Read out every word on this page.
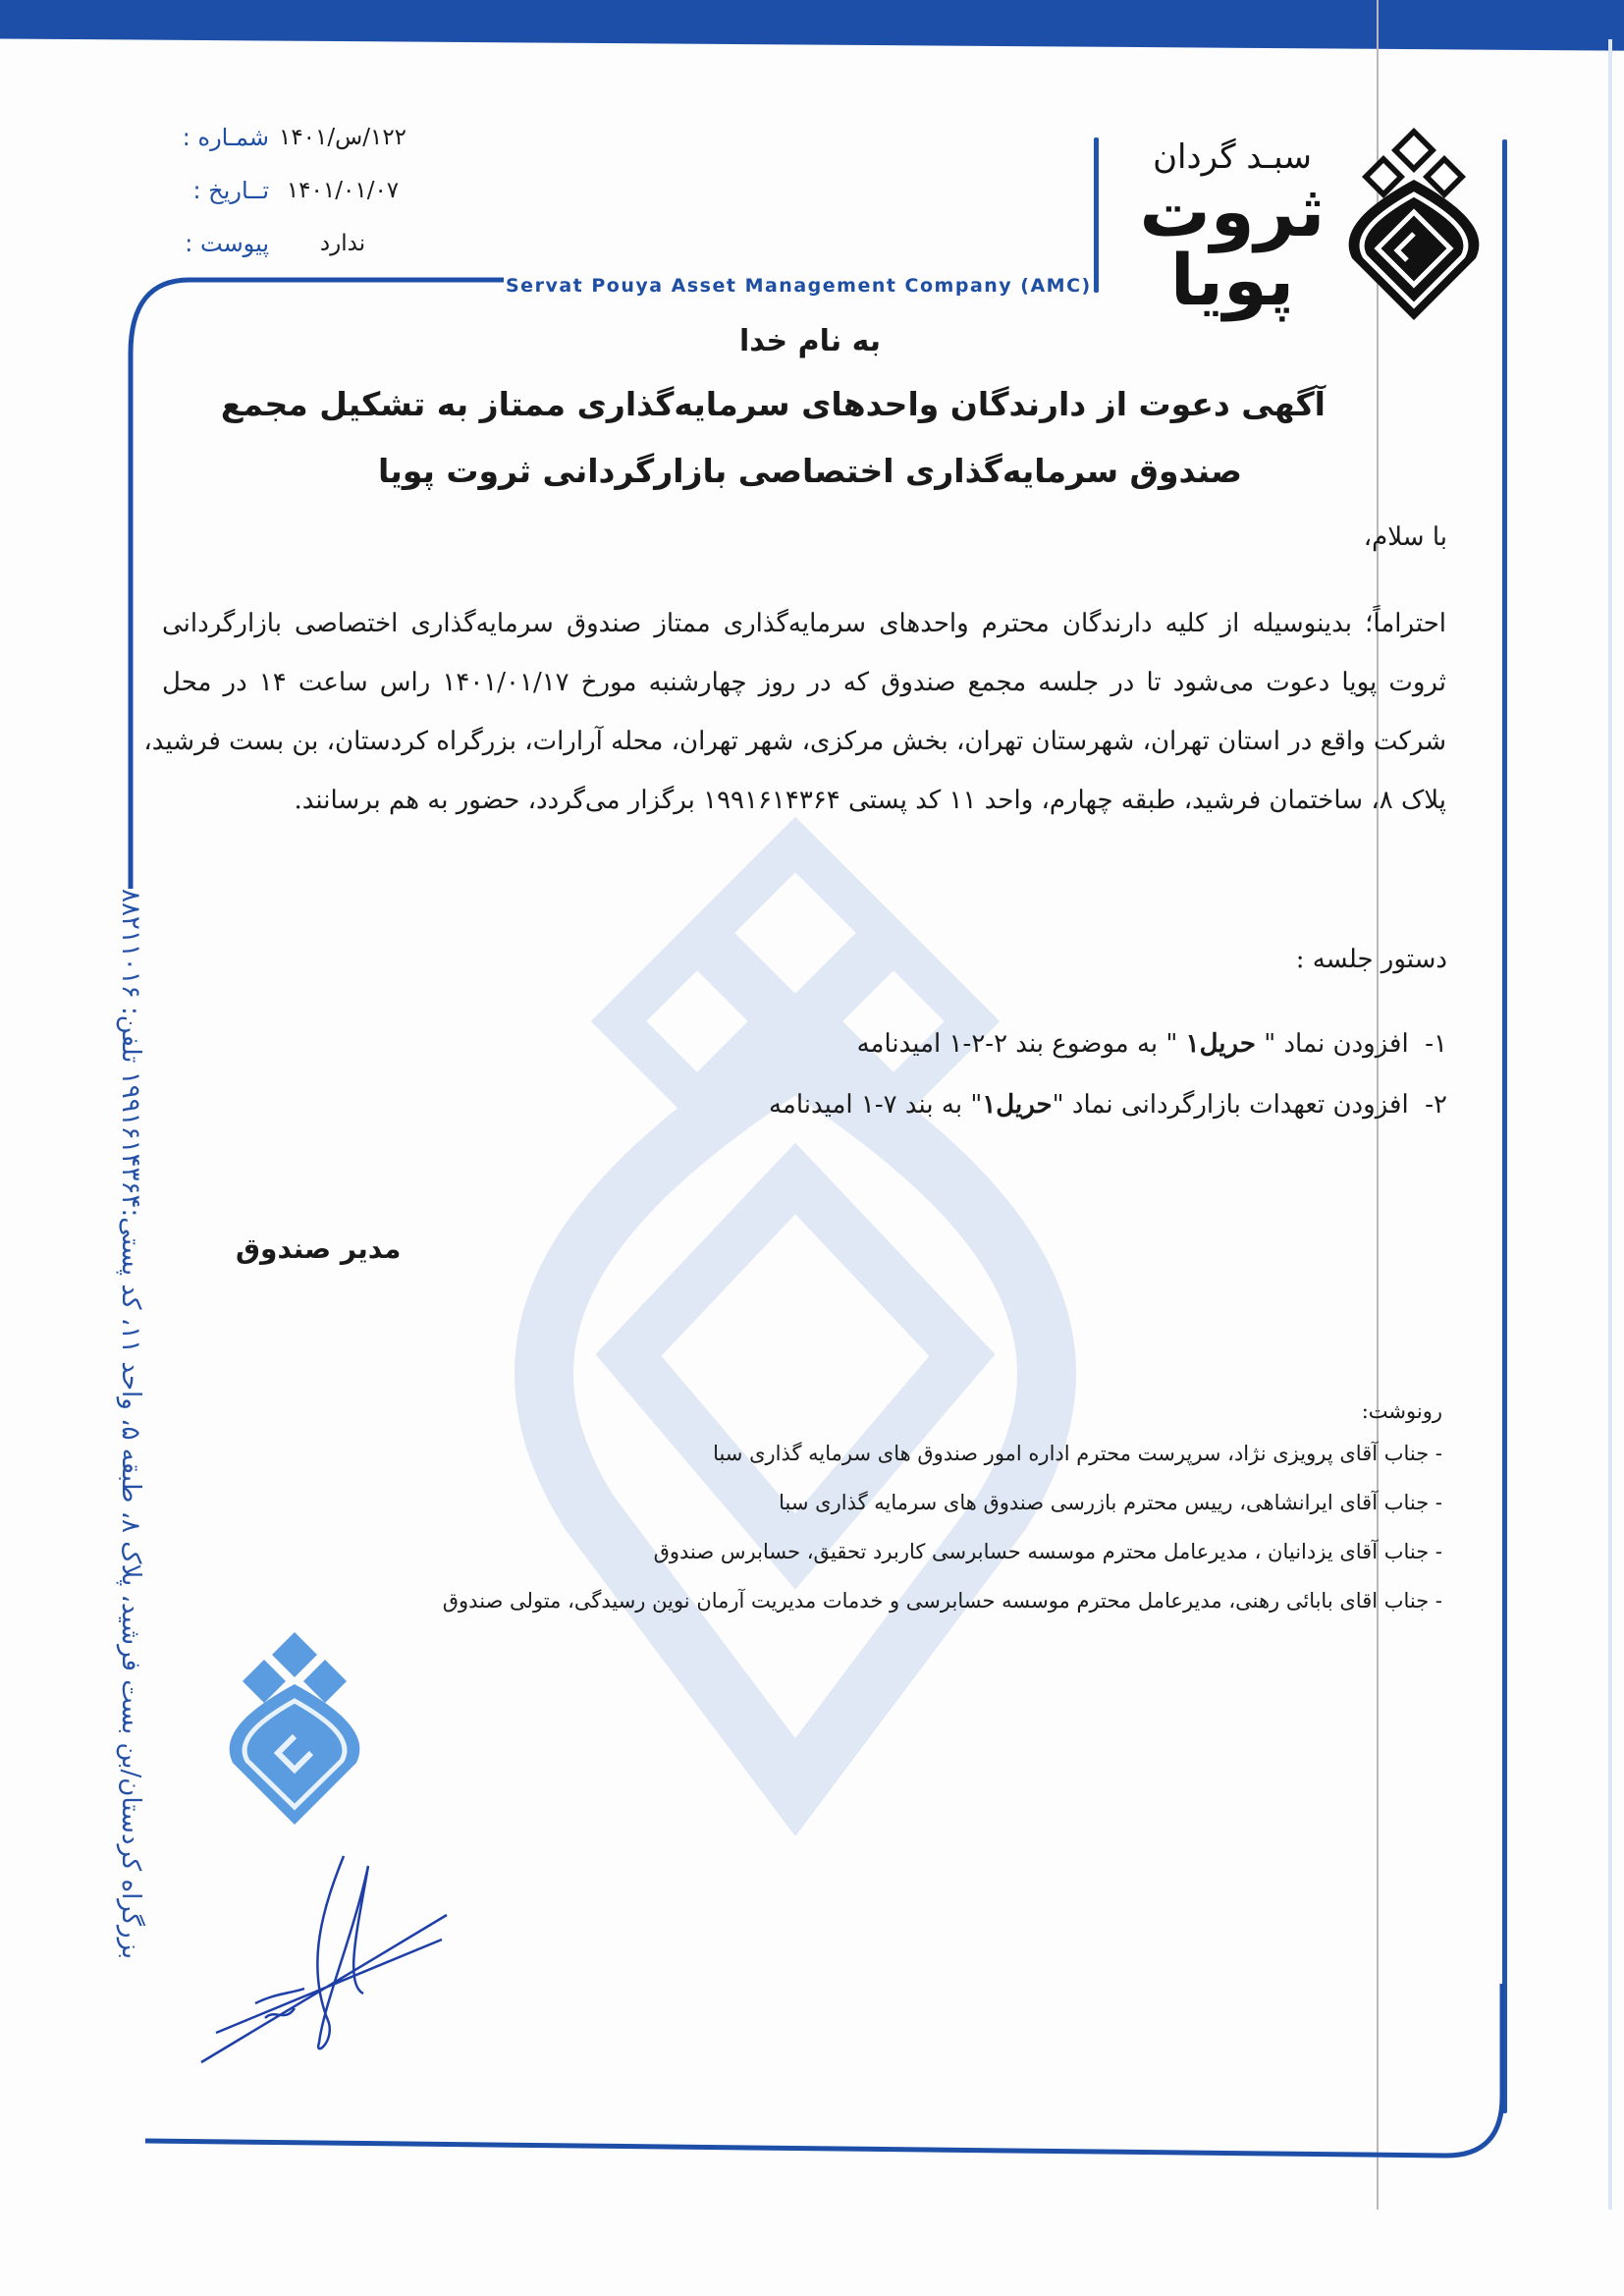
شمـاره : ۱۲۲/س/۱۴۰۱
تــاریخ : ۱۴۰۱/۰۱/۰۷
پیوست :	ندارد
سبـد گردان
ثروت
پویا
Servat Pouya Asset Management Company (AMC)
به نام خدا
آگهی دعوت از دارندگان واحدهای سرمایه‌گذاری ممتاز به تشکیل مجمع
صندوق سرمایه‌گذاری اختصاصی بازارگردانی ثروت پویا
با سلام،
احتراماً؛ بدینوسیله از کلیه دارندگان محترم واحدهای سرمایه‌گذاری ممتاز صندوق سرمایه‌گذاری اختصاصی بازارگردانی
ثروت پویا دعوت می‌شود تا در جلسه مجمع صندوق که در روز چهارشنبه مورخ ۱۴۰۱/۰۱/۱۷ راس ساعت ۱۴ در محل
شرکت واقع در استان تهران، شهرستان تهران، بخش مرکزی، شهر تهران، محله آرارات، بزرگراه کردستان، بن بست فرشید،
پلاک ۸، ساختمان فرشید، طبقه چهارم، واحد ۱۱ کد پستی ۱۹۹۱۶۱۴۳۶۴ برگزار می‌گردد، حضور به هم برسانند.
دستور جلسه :
۱-  افزودن نماد " حریل۱ " به موضوع بند ۲-۲-۱ امیدنامه
۲-  افزودن تعهدات بازارگردانی نماد "حریل۱" به بند ۷-۱ امیدنامه
مدیر صندوق
رونوشت:
- جناب آقای پرویزی نژاد، سرپرست محترم اداره امور صندوق های سرمایه گذاری سبا
- جناب آقای ایرانشاهی، رییس محترم بازرسی صندوق های سرمایه گذاری سبا
- جناب آقای یزدانیان ، مدیرعامل محترم موسسه حسابرسی کاربرد تحقیق، حسابرس صندوق
- جناب اقای بابائی رهنی، مدیرعامل محترم موسسه حسابرسی و خدمات مدیریت آرمان نوین رسیدگی، متولی صندوق
بزرگراه کردستان/بن بست فرشید، پلاک ۸، طبقه ۵، واحد ۱۱، کد پستی:۱۹۹۱۶۱۴۳۶۴ تلفن: ۸۸۲۱۱۰۱۶
